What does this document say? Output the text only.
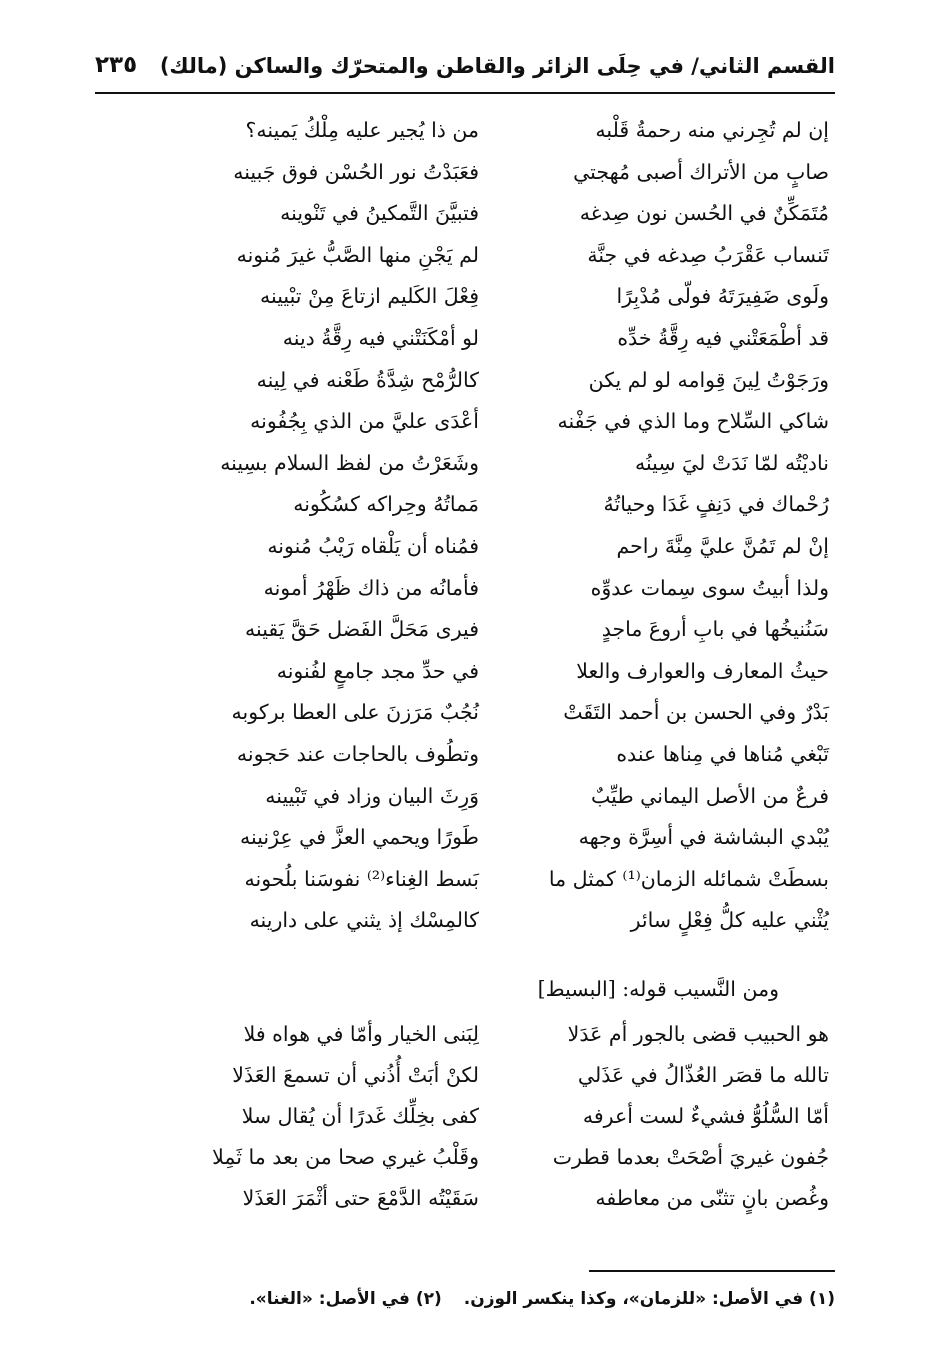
القسم الثاني/ في حِلَى الزائر والقاطن والمتحرّك والساكن (مالك)
٢٣٥
إن لم تُجِرني منه رحمةُ قَلْبه
من ذا يُجير عليه مِلْكُ يَمينه؟
صابٍ من الأتراك أصبى مُهجتي
فعَبَدْتُ نور الحُسْن فوق جَبينه
مُتَمَكِّنٌ في الحُسن نون صِدغه
فتبيَّنَ التَّمكينُ في تَنْوينه
تَنساب عَقْرَبُ صِدغه في جنَّة
لم يَجْنِ منها الصَّبُّ غيرَ مُنونه
ولَوى ضَفِيرَتَهُ فولّى مُدْبِرًا
فِعْلَ الكَليم ازتاعَ مِنْ تبْيينه
قد أطْمَعَتْني فيه رِقَّةُ خدِّه
لو أمْكَنَتْني فيه رِقَّةُ دينه
ورَجَوْتُ لِينَ قِوامه لو لم يكن
كالرُّمْح شِدَّةُ طَعْنه في لِينه
شاكي السِّلاح وما الذي في جَفْنه
أعْدَى عليَّ من الذي بِجُفُونه
ناديْتُه لمّا نَدَتْ ليَ سِينُه
وشَعَرْتُ من لفظ السلام بسِينه
رُحْماك في دَنِفٍ غَدَا وحياتُهُ
مَماتُهُ وحِراكه كسُكُونه
إنْ لم تَمُنَّ عليَّ مِنَّةَ راحم
فمُناه أن يَلْقاه رَيْبُ مُنونه
ولذا أبيتُ سوى سِمات عدوِّه
فأمانُه من ذاك ظَهْرُ أمونه
سَنُنيخُها في بابِ أروعَ ماجدٍ
فيرى مَحَلَّ الفَضل حَقَّ يَقينه
حيثُ المعارف والعوارف والعلا
في حدِّ مجد جامعٍ لفُنونه
بَدْرٌ وفي الحسن بن أحمد التَقَتْ
نُجُبٌ مَرَزنَ على العطا بركوبه
تَبْغي مُناها في مِناها عنده
وتطُوف بالحاجات عند حَجونه
فرعٌ من الأصل اليماني طيِّبٌ
وَرِثَ البيان وزاد في تَبْيينه
يُبْدي البشاشة في أسِرَّة وجهه
طَورًا ويحمي العزَّ في عِرْنينه
بسطَتْ شمائله الزمان⁽¹⁾ كمثل ما
بَسط الغِناء⁽²⁾ نفوسَنا بلُحونه
يُثْني عليه كلُّ فِعْلٍ سائر
كالمِسْك إذ يثني على دارينه
ومن النَّسيب قوله: [البسيط]
هو الحبيب قضى بالجور أم عَدَلا
لِبَنى الخيار وأمّا في هواه فلا
تالله ما قصَر العُذّالُ في عَذَلي
لكنْ أبَتْ أُذُني أن تسمعَ العَذَلا
أمّا السُّلُوُّ فشيءٌ لست أعرفه
كفى بخِلِّك غَدرًا أن يُقال سلا
جُفون غيريَ أصْحَتْ بعدما قطرت
وقَلْبُ غيري صحا من بعد ما ثَمِلا
وغُصن بانٍ تثنّى من معاطفه
سَقَيْتُه الدَّمْعَ حتى أثْمَرَ العَذَلا
(١) في الأصل: «للزمان»، وكذا ينكسر الوزن.(٢) في الأصل: «الغنا».
